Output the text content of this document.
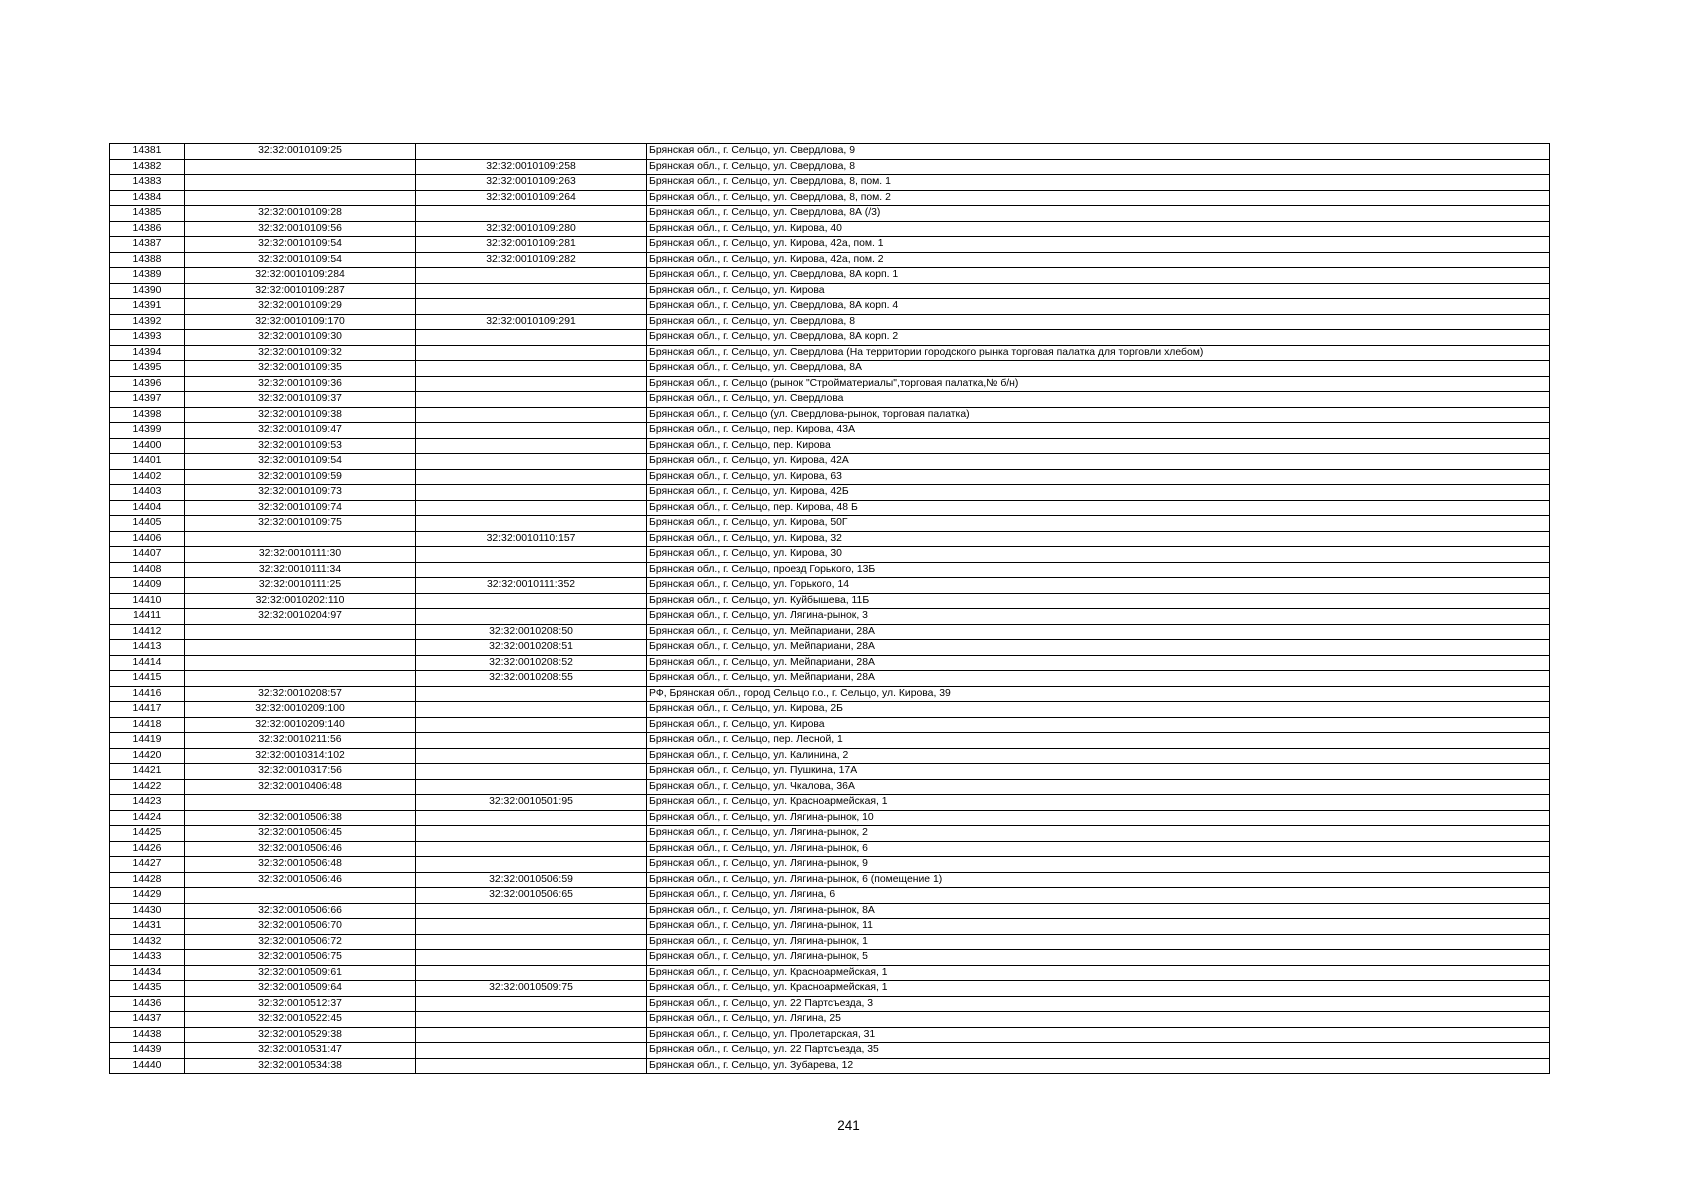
14381	32:32:0010109:25		Брянская обл., г. Сельцо, ул. Свердлова, 9
14382		32:32:0010109:258	Брянская обл., г. Сельцо, ул. Свердлова, 8
14383		32:32:0010109:263	Брянская обл., г. Сельцо, ул. Свердлова, 8, пом. 1
14384		32:32:0010109:264	Брянская обл., г. Сельцо, ул. Свердлова, 8, пом. 2
14385	32:32:0010109:28		Брянская обл., г. Сельцо, ул. Свердлова, 8А (/3)
14386	32:32:0010109:56	32:32:0010109:280	Брянская обл., г. Сельцо, ул. Кирова, 40
14387	32:32:0010109:54	32:32:0010109:281	Брянская обл., г. Сельцо, ул. Кирова, 42а, пом. 1
14388	32:32:0010109:54	32:32:0010109:282	Брянская обл., г. Сельцо, ул. Кирова, 42а, пом. 2
14389	32:32:0010109:284		Брянская обл., г. Сельцо, ул. Свердлова, 8А корп. 1
14390	32:32:0010109:287		Брянская обл., г. Сельцо, ул. Кирова
14391	32:32:0010109:29		Брянская обл., г. Сельцо, ул. Свердлова, 8А корп. 4
14392	32:32:0010109:170	32:32:0010109:291	Брянская обл., г. Сельцо, ул. Свердлова, 8
14393	32:32:0010109:30		Брянская обл., г. Сельцо, ул. Свердлова, 8А корп. 2
14394	32:32:0010109:32		Брянская обл., г. Сельцо, ул. Свердлова (На территории городского рынка торговая палатка для торговли хлебом)
14395	32:32:0010109:35		Брянская обл., г. Сельцо, ул. Свердлова, 8А
14396	32:32:0010109:36		Брянская обл., г. Сельцо (рынок "Стройматериалы",торговая палатка,№ б/н)
14397	32:32:0010109:37		Брянская обл., г. Сельцо, ул. Свердлова
14398	32:32:0010109:38		Брянская обл., г. Сельцо (ул. Свердлова-рынок, торговая палатка)
14399	32:32:0010109:47		Брянская обл., г. Сельцо, пер. Кирова, 43А
14400	32:32:0010109:53		Брянская обл., г. Сельцо, пер. Кирова
14401	32:32:0010109:54		Брянская обл., г. Сельцо, ул. Кирова, 42А
14402	32:32:0010109:59		Брянская обл., г. Сельцо, ул. Кирова, 63
14403	32:32:0010109:73		Брянская обл., г. Сельцо, ул. Кирова, 42Б
14404	32:32:0010109:74		Брянская обл., г. Сельцо, пер. Кирова, 48 Б
14405	32:32:0010109:75		Брянская обл., г. Сельцо, ул. Кирова, 50Г
14406		32:32:0010110:157	Брянская обл., г. Сельцо, ул. Кирова, 32
14407	32:32:0010111:30		Брянская обл., г. Сельцо, ул. Кирова, 30
14408	32:32:0010111:34		Брянская обл., г. Сельцо, проезд Горького, 13Б
14409	32:32:0010111:25	32:32:0010111:352	Брянская обл., г. Сельцо, ул. Горького, 14
14410	32:32:0010202:110		Брянская обл., г. Сельцо, ул. Куйбышева, 11Б
14411	32:32:0010204:97		Брянская обл., г. Сельцо, ул. Лягина-рынок, 3
14412		32:32:0010208:50	Брянская обл., г. Сельцо, ул. Мейпариани, 28А
14413		32:32:0010208:51	Брянская обл., г. Сельцо, ул. Мейпариани, 28А
14414		32:32:0010208:52	Брянская обл., г. Сельцо, ул. Мейпариани, 28А
14415		32:32:0010208:55	Брянская обл., г. Сельцо, ул. Мейпариани, 28А
14416	32:32:0010208:57		РФ, Брянская обл., город Сельцо г.о., г. Сельцо, ул. Кирова, 39
14417	32:32:0010209:100		Брянская обл., г. Сельцо, ул. Кирова, 2Б
14418	32:32:0010209:140		Брянская обл., г. Сельцо, ул. Кирова
14419	32:32:0010211:56		Брянская обл., г. Сельцо, пер. Лесной, 1
14420	32:32:0010314:102		Брянская обл., г. Сельцо, ул. Калинина, 2
14421	32:32:0010317:56		Брянская обл., г. Сельцо, ул. Пушкина, 17А
14422	32:32:0010406:48		Брянская обл., г. Сельцо, ул. Чкалова, 36А
14423		32:32:0010501:95	Брянская обл., г. Сельцо, ул. Красноармейская, 1
14424	32:32:0010506:38		Брянская обл., г. Сельцо, ул. Лягина-рынок, 10
14425	32:32:0010506:45		Брянская обл., г. Сельцо, ул. Лягина-рынок, 2
14426	32:32:0010506:46		Брянская обл., г. Сельцо, ул. Лягина-рынок, 6
14427	32:32:0010506:48		Брянская обл., г. Сельцо, ул. Лягина-рынок, 9
14428	32:32:0010506:46	32:32:0010506:59	Брянская обл., г. Сельцо, ул. Лягина-рынок, 6 (помещение 1)
14429		32:32:0010506:65	Брянская обл., г. Сельцо, ул. Лягина, 6
14430	32:32:0010506:66		Брянская обл., г. Сельцо, ул. Лягина-рынок, 8А
14431	32:32:0010506:70		Брянская обл., г. Сельцо, ул. Лягина-рынок, 11
14432	32:32:0010506:72		Брянская обл., г. Сельцо, ул. Лягина-рынок, 1
14433	32:32:0010506:75		Брянская обл., г. Сельцо, ул. Лягина-рынок, 5
14434	32:32:0010509:61		Брянская обл., г. Сельцо, ул. Красноармейская, 1
14435	32:32:0010509:64	32:32:0010509:75	Брянская обл., г. Сельцо, ул. Красноармейская, 1
14436	32:32:0010512:37		Брянская обл., г. Сельцо, ул. 22 Партсъезда, 3
14437	32:32:0010522:45		Брянская обл., г. Сельцо, ул. Лягина, 25
14438	32:32:0010529:38		Брянская обл., г. Сельцо, ул. Пролетарская, 31
14439	32:32:0010531:47		Брянская обл., г. Сельцо, ул. 22 Партсъезда, 35
14440	32:32:0010534:38		Брянская обл., г. Сельцо, ул. Зубарева, 12
241
